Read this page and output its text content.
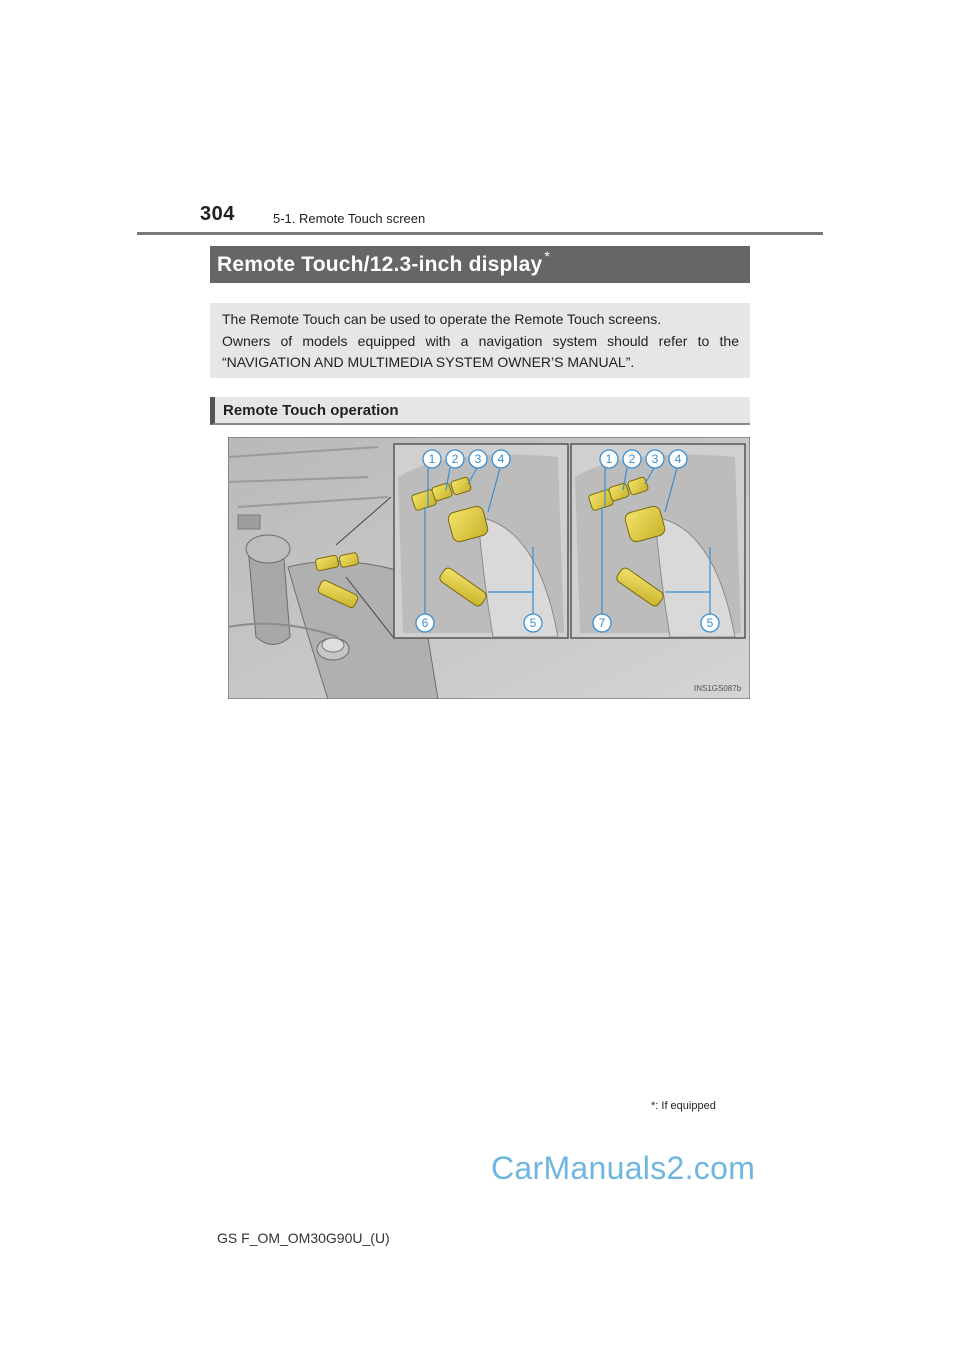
304	5-1. Remote Touch screen
Remote Touch/12.3-inch display *

The Remote Touch can be used to operate the Remote Touch screens.

Owners of models equipped with a navigation system should refer to the

“NAVIGATION AND MULTIMEDIA SYSTEM OWNER’S MANUAL”.

Remote Touch operation
INS1GS087b
1 2 3 4
6	5
1 2 3 4
7	5
*: If equipped
CarManuals2.com
GS F_OM_OM30G90U_(U)
